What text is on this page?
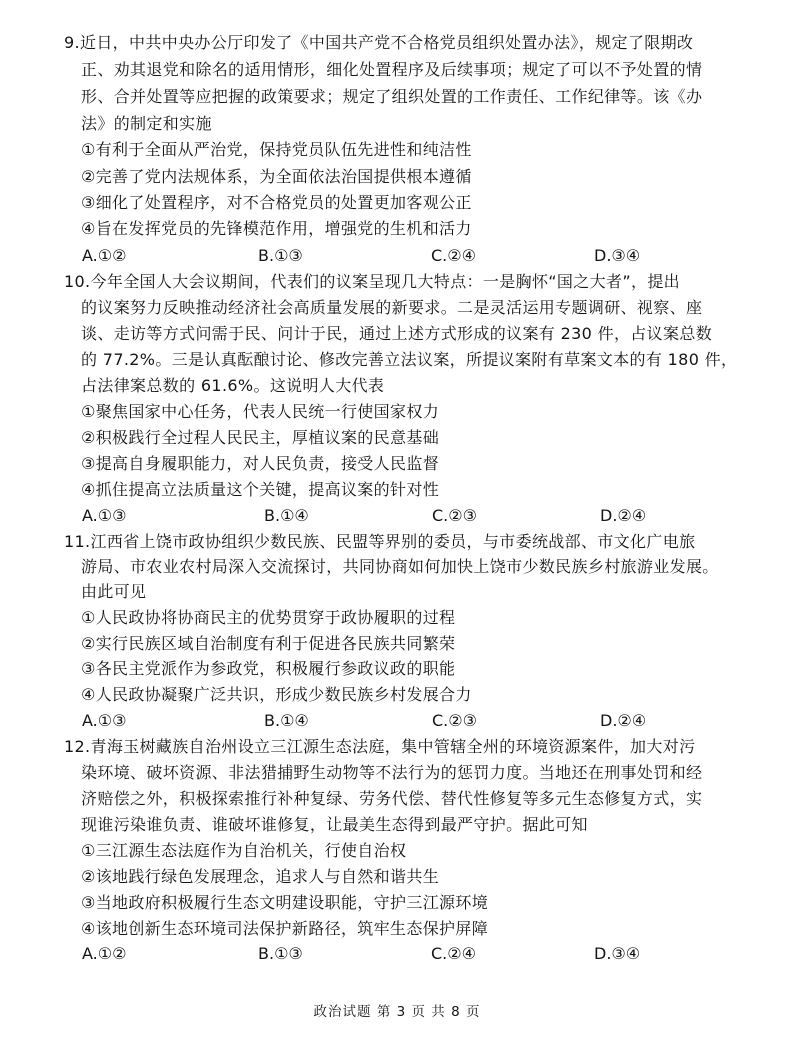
9.近日，中共中央办公厅印发了《中国共产党不合格党员组织处置办法》，规定了限期改
正、劝其退党和除名的适用情形，细化处置程序及后续事项；规定了可以不予处置的情
形、合并处置等应把握的政策要求；规定了组织处置的工作责任、工作纪律等。该《办
法》的制定和实施
①有利于全面从严治党，保持党员队伍先进性和纯洁性
②完善了党内法规体系，为全面依法治国提供根本遵循
③细化了处置程序，对不合格党员的处置更加客观公正
④旨在发挥党员的先锋模范作用，增强党的生机和活力
A.①②	B.①③	C.②④	D.③④
10.今年全国人大会议期间，代表们的议案呈现几大特点：一是胸怀“国之大者”，提出
的议案努力反映推动经济社会高质量发展的新要求。二是灵活运用专题调研、视察、座
谈、走访等方式问需于民、问计于民，通过上述方式形成的议案有 230 件，占议案总数
的 77.2%。三是认真酝酿讨论、修改完善立法议案，所提议案附有草案文本的有 180 件，
占法律案总数的 61.6%。这说明人大代表
①聚焦国家中心任务，代表人民统一行使国家权力
②积极践行全过程人民民主，厚植议案的民意基础
③提高自身履职能力，对人民负责，接受人民监督
④抓住提高立法质量这个关键，提高议案的针对性
A.①③	B.①④	C.②③	D.②④
11.江西省上饶市政协组织少数民族、民盟等界别的委员，与市委统战部、市文化广电旅
游局、市农业农村局深入交流探讨，共同协商如何加快上饶市少数民族乡村旅游业发展。
由此可见
①人民政协将协商民主的优势贯穿于政协履职的过程
②实行民族区域自治制度有利于促进各民族共同繁荣
③各民主党派作为参政党，积极履行参政议政的职能
④人民政协凝聚广泛共识，形成少数民族乡村发展合力
A.①③	B.①④	C.②③	D.②④
12.青海玉树藏族自治州设立三江源生态法庭，集中管辖全州的环境资源案件，加大对污
染环境、破坏资源、非法猎捕野生动物等不法行为的惩罚力度。当地还在刑事处罚和经
济赔偿之外，积极探索推行补种复绿、劳务代偿、替代性修复等多元生态修复方式，实
现谁污染谁负责、谁破坏谁修复，让最美生态得到最严守护。据此可知
①三江源生态法庭作为自治机关，行使自治权
②该地践行绿色发展理念，追求人与自然和谐共生
③当地政府积极履行生态文明建设职能，守护三江源环境
④该地创新生态环境司法保护新路径，筑牢生态保护屏障
A.①②	B.①③	C.②④	D.③④
政治试题 第 3 页 共 8 页
